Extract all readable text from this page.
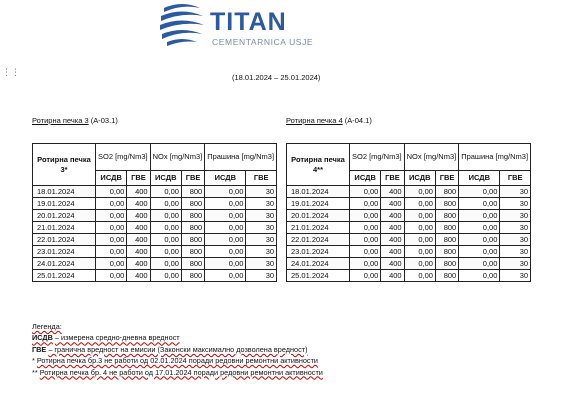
TITAN
CEMENTARNICA USJE
⋮⋮
(18.01.2024 – 25.01.2024)
Ротирна печка 3 (А-03.1)	Ротирна печка 4 (А-04.1)
Ротирна печка 3*	SO2 [mg/Nm3]		NOx [mg/Nm3]		Прашина [mg/Nm3]	
	ИСДВ	ГВЕ	ИСДВ	ГВЕ	ИСДВ	ГВЕ
18.01.2024	0,00	400	0,00	800	0,00	30
19.01.2024	0,00	400	0,00	800	0,00	30
20.01.2024	0,00	400	0,00	800	0,00	30
21.01.2024	0,00	400	0,00	800	0,00	30
22.01.2024	0,00	400	0,00	800	0,00	30
23.01.2024	0,00	400	0,00	800	0,00	30
24.01.2024	0,00	400	0,00	800	0,00	30
25.01.2024	0,00	400	0,00	800	0,00	30
Ротирна печка 4**	SO2 [mg/Nm3]		NOx [mg/Nm3]		Прашина [mg/Nm3]	
	ИСДВ	ГВЕ	ИСДВ	ГВЕ	ИСДВ	ГВЕ
18.01.2024	0,00	400	0,00	800	0,00	30
19.01.2024	0,00	400	0,00	800	0,00	30
20.01.2024	0,00	400	0,00	800	0,00	30
21.01.2024	0,00	400	0,00	800	0,00	30
22.01.2024	0,00	400	0,00	800	0,00	30
23.01.2024	0,00	400	0,00	800	0,00	30
24.01.2024	0,00	400	0,00	800	0,00	30
25.01.2024	0,00	400	0,00	800	0,00	30
Легенда:
ИСДВ – измерена средно-дневна вредност
ГВЕ – гранична вредност на емисии (Законски максимално дозволена вредност)
* Ротирна печка бр.3 не работи од 02.01.2024 поради редовни ремонтни активности
** Ротирна печка бр. 4 не работи од 17.01.2024 поради редовни ремонтни активности
